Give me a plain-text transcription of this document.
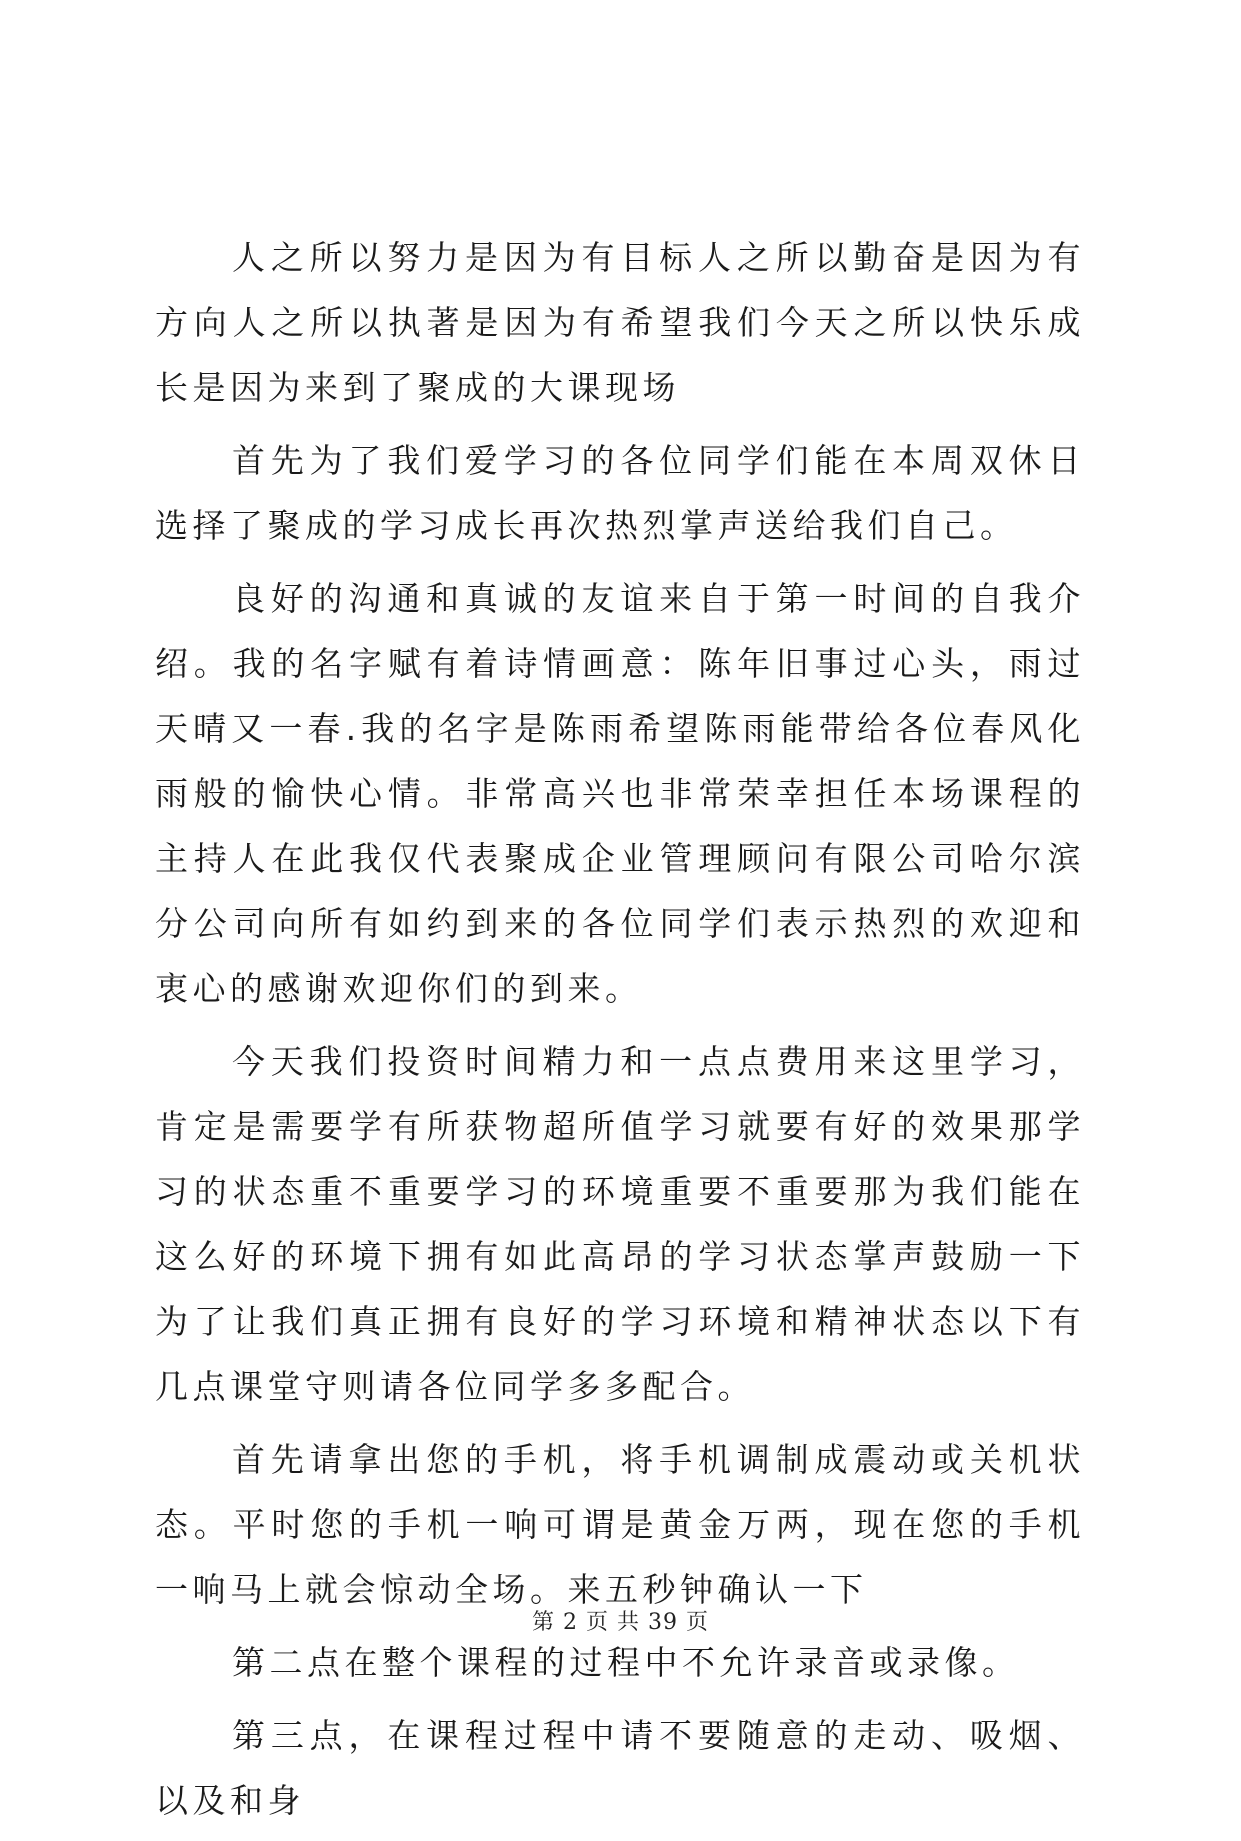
人之所以努力是因为有目标人之所以勤奋是因为有方向人之所以执著是因为有希望我们今天之所以快乐成长是因为来到了聚成的大课现场

首先为了我们爱学习的各位同学们能在本周双休日选择了聚成的学习成长再次热烈掌声送给我们自己。

良好的沟通和真诚的友谊来自于第一时间的自我介绍。我的名字赋有着诗情画意：陈年旧事过心头，雨过天晴又一春.我的名字是陈雨希望陈雨能带给各位春风化雨般的愉快心情。非常高兴也非常荣幸担任本场课程的主持人在此我仅代表聚成企业管理顾问有限公司哈尔滨分公司向所有如约到来的各位同学们表示热烈的欢迎和衷心的感谢欢迎你们的到来。

今天我们投资时间精力和一点点费用来这里学习，肯定是需要学有所获物超所值学习就要有好的效果那学习的状态重不重要学习的环境重要不重要那为我们能在这么好的环境下拥有如此高昂的学习状态掌声鼓励一下为了让我们真正拥有良好的学习环境和精神状态以下有几点课堂守则请各位同学多多配合。

首先请拿出您的手机，将手机调制成震动或关机状态。平时您的手机一响可谓是黄金万两，现在您的手机一响马上就会惊动全场。来五秒钟确认一下

第二点在整个课程的过程中不允许录音或录像。

第三点，在课程过程中请不要随意的走动、吸烟、以及和身

第 2 页 共 39 页
